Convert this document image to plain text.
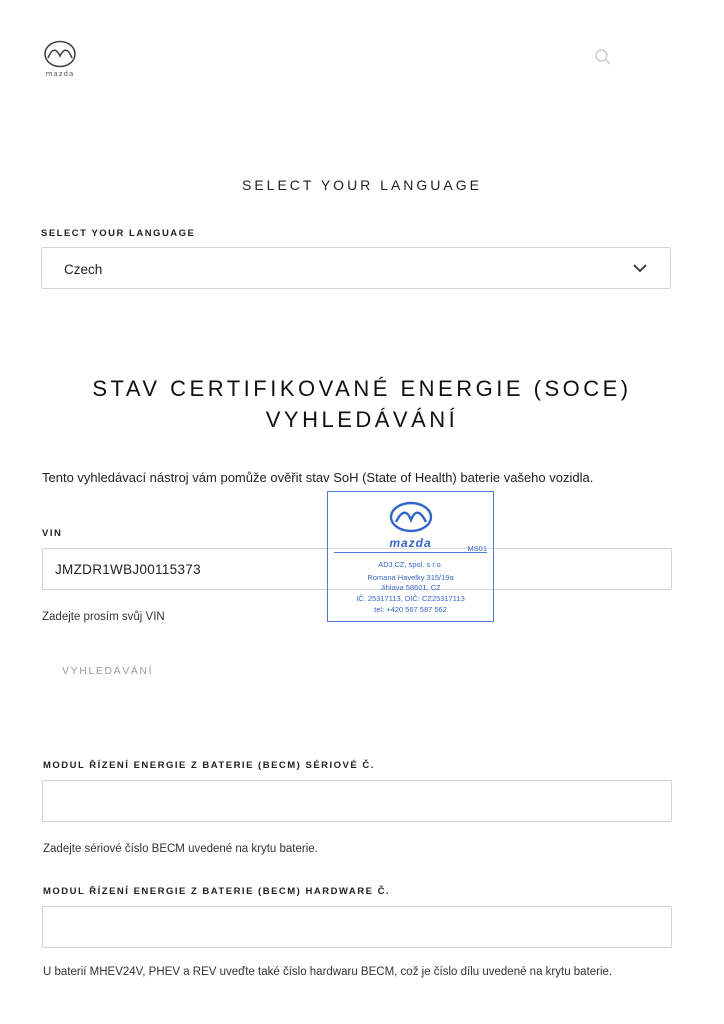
mazda
SELECT YOUR LANGUAGE
SELECT YOUR LANGUAGE
Czech
STAV CERTIFIKOVANÉ ENERGIE (SOCE)
VYHLEDÁVÁNÍ
Tento vyhledávací nástroj vám pomůže ověřit stav SoH (State of Health) baterie vašeho vozidla.
VIN
JMZDR1WBJ00115373
Zadejte prosím svůj VIN
VYHLEDÁVÁNÍ
MODUL ŘÍZENÍ ENERGIE Z BATERIE (BECM) SÉRIOVÉ Č.
Zadejte sériové číslo BECM uvedené na krytu baterie.
MODUL ŘÍZENÍ ENERGIE Z BATERIE (BECM) HARDWARE Č.
U baterií MHEV24V, PHEV a REV uveďte také číslo hardwaru BECM, což je číslo dílu uvedené na krytu baterie.
mazda	MS01
ADJ.CZ, spol. s r.o.
Romana Havelky 315/19a
Jihlava 58601, CZ
IČ: 25317113, DIČ: CZ25317113
tel: +420 567 587 562
